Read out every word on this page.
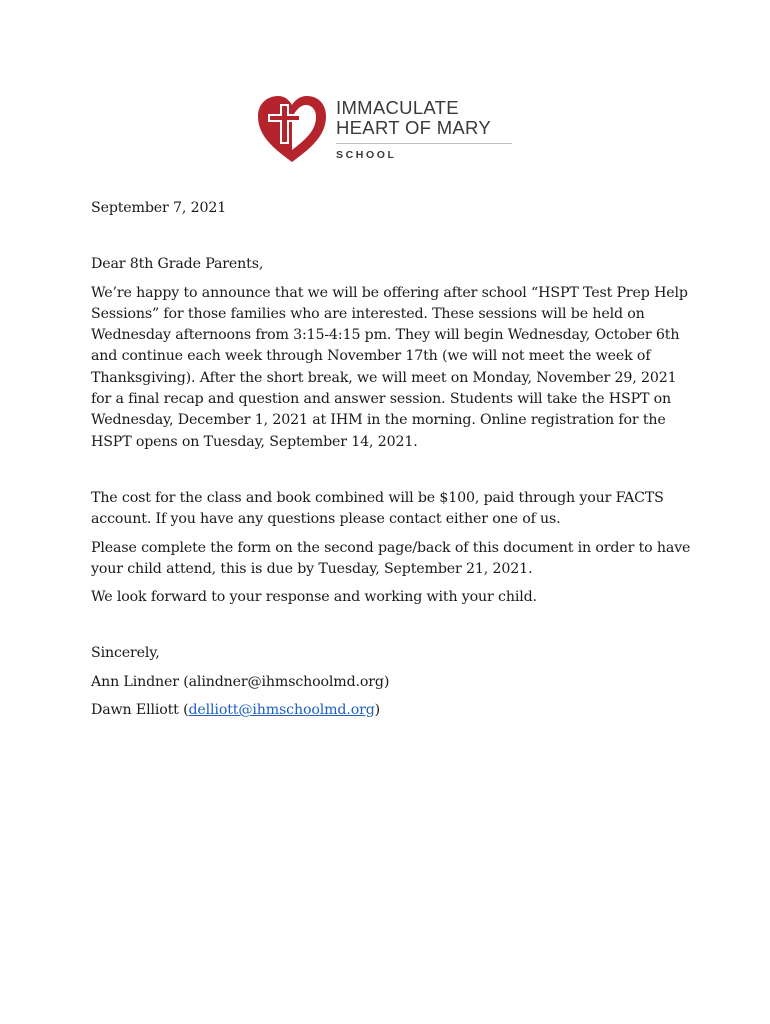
IMMACULATE
HEART OF MARY
SCHOOL

September 7, 2021

Dear 8th Grade Parents,

We’re happy to announce that we will be offering after school “HSPT Test Prep Help Sessions” for those families who are interested. These sessions will be held on Wednesday afternoons from 3:15-4:15 pm. They will begin Wednesday, October 6th and continue each week through November 17th (we will not meet the week of Thanksgiving). After the short break, we will meet on Monday, November 29, 2021 for a final recap and question and answer session. Students will take the HSPT on Wednesday, December 1, 2021 at IHM in the morning. Online registration for the HSPT opens on Tuesday, September 14, 2021.

The cost for the class and book combined will be $100, paid through your FACTS account. If you have any questions please contact either one of us.

Please complete the form on the second page/back of this document in order to have your child attend, this is due by Tuesday, September 21, 2021.

We look forward to your response and working with your child.

Sincerely,

Ann Lindner (alindner@ihmschoolmd.org)

Dawn Elliott (delliott@ihmschoolmd.org)
